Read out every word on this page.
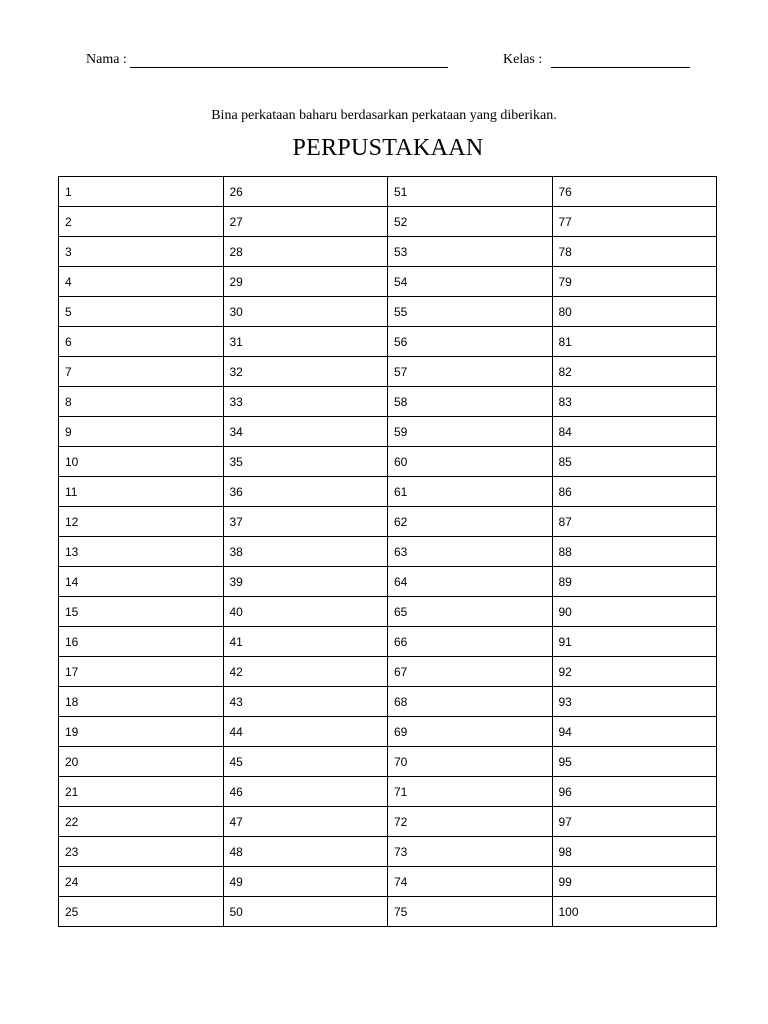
Nama :	Kelas :
Bina perkataan baharu berdasarkan perkataan yang diberikan.
PERPUSTAKAAN
1	26	51	76
2	27	52	77
3	28	53	78
4	29	54	79
5	30	55	80
6	31	56	81
7	32	57	82
8	33	58	83
9	34	59	84
10	35	60	85
11	36	61	86
12	37	62	87
13	38	63	88
14	39	64	89
15	40	65	90
16	41	66	91
17	42	67	92
18	43	68	93
19	44	69	94
20	45	70	95
21	46	71	96
22	47	72	97
23	48	73	98
24	49	74	99
25	50	75	100
